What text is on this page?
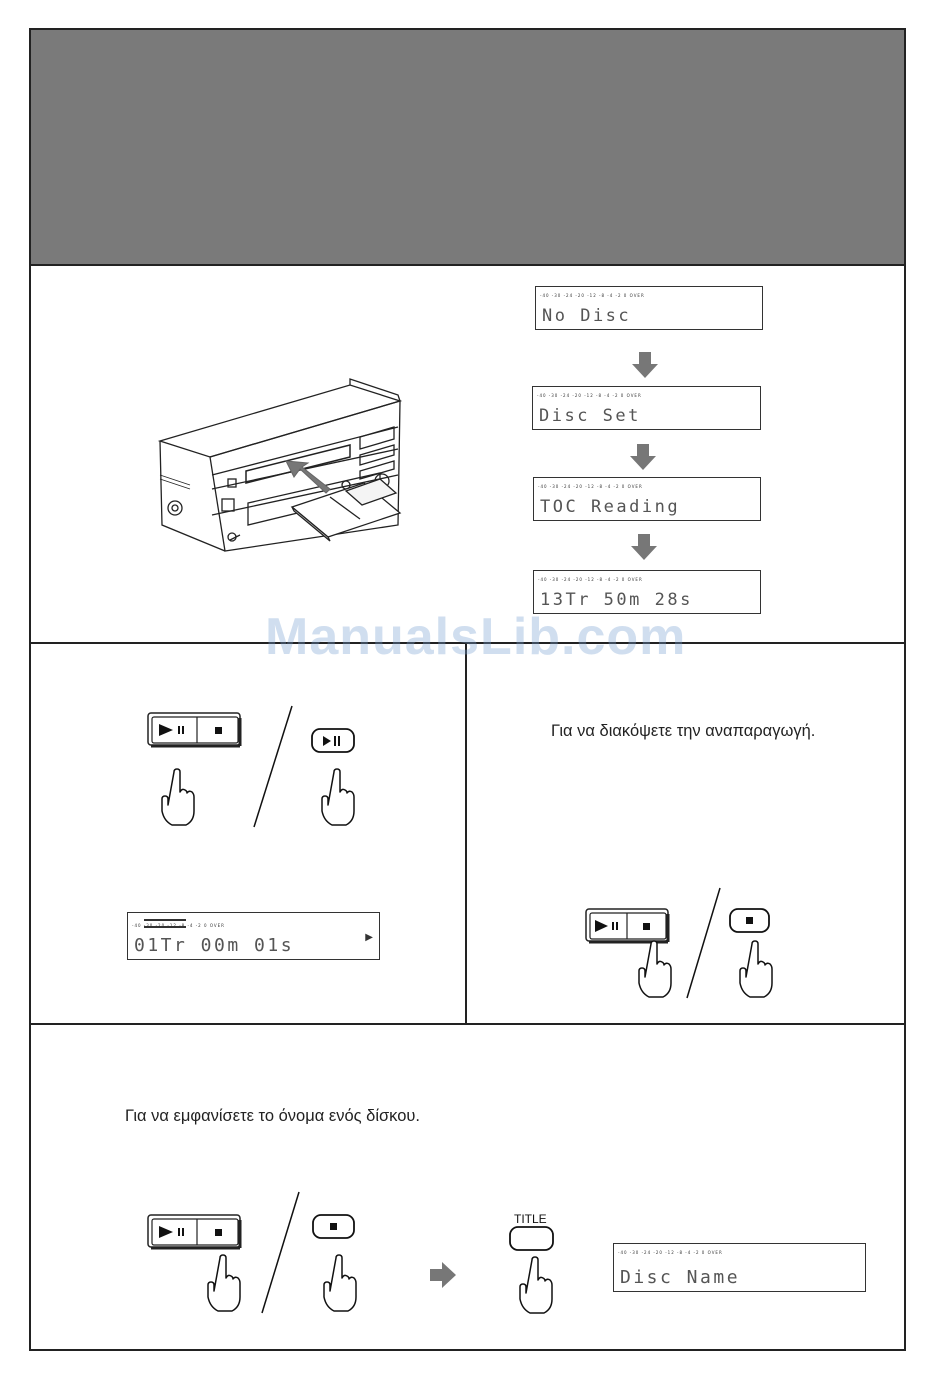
-40 -30 -24 -20 -12 -8 -4 -2 0 OVER
No Disc
-40 -30 -24 -20 -12 -8 -4 -2 0 OVER
Disc Set
-40 -30 -24 -20 -12 -8 -4 -2 0 OVER
TOC Reading
-40 -30 -24 -20 -12 -8 -4 -2 0 OVER
13Tr 50m 28s
-40 -30 -20 -12 -8 -4 -2 0 OVER
01Tr 00m 01s	▶
Για να διακόψετε την αναπαραγωγή.
Για να εμφανίσετε το όνομα ενός δίσκου.
TITLE
-40 -30 -24 -20 -12 -8 -4 -2 0 OVER
Disc Name
ManualsLib.com
